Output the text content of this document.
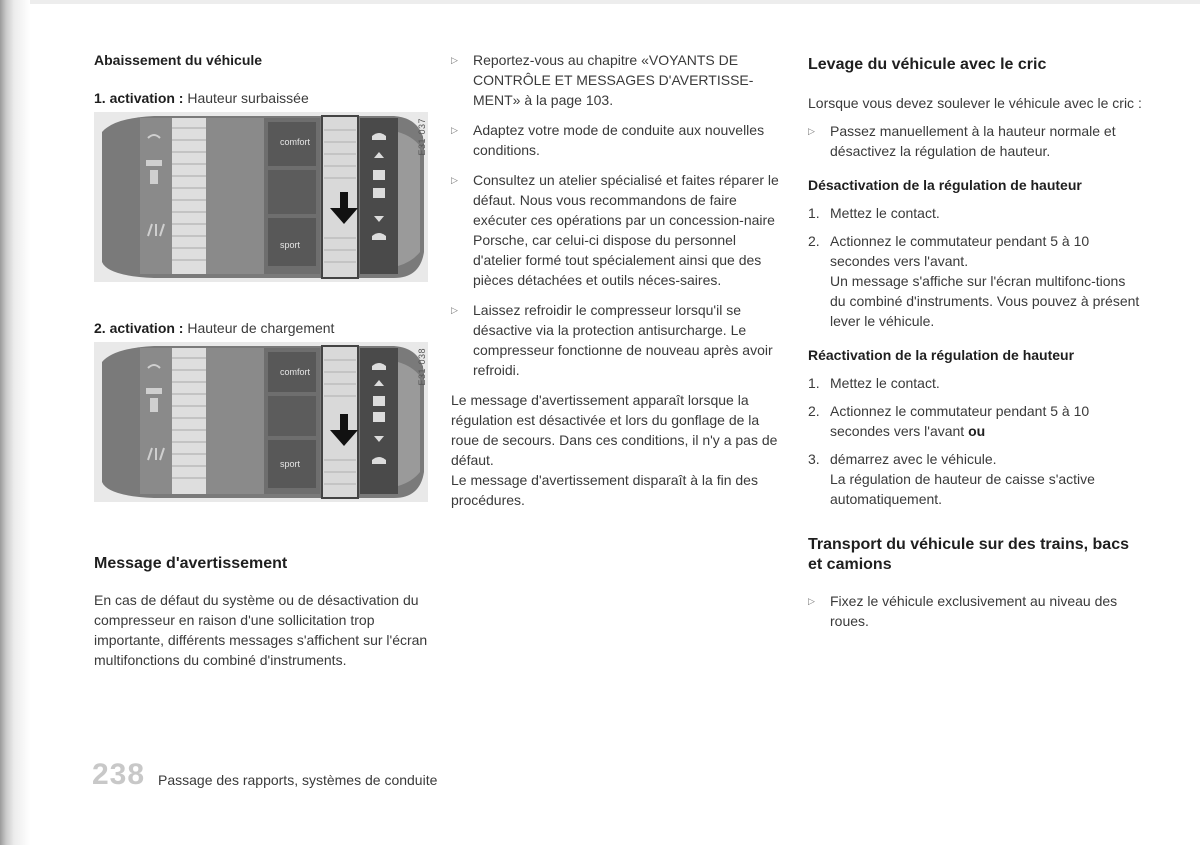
Abaissement du véhicule

1. activation : Hauteur surbaissée

E31-037
comfort
sport

2. activation : Hauteur de chargement

E31-038
comfort
sport

Message d'avertissement

En cas de défaut du système ou de désactivation du compresseur en raison d'une sollicitation trop importante, différents messages s'affichent sur l'écran multifonctions du combiné d'instruments.

▷	Reportez-vous au chapitre «VOYANTS DE CONTRÔLE ET MESSAGES D'AVERTISSE-MENT» à la page 103.
▷	Adaptez votre mode de conduite aux nouvelles conditions.
▷	Consultez un atelier spécialisé et faites réparer le défaut. Nous vous recommandons de faire exécuter ces opérations par un concession-naire Porsche, car celui-ci dispose du personnel d'atelier formé tout spécialement ainsi que des pièces détachées et outils néces-saires.
▷	Laissez refroidir le compresseur lorsqu'il se désactive via la protection antisurcharge. Le compresseur fonctionne de nouveau après avoir refroidi.

Le message d'avertissement apparaît lorsque la régulation est désactivée et lors du gonflage de la roue de secours. Dans ces conditions, il n'y a pas de défaut.

Le message d'avertissement disparaît à la fin des procédures.

Levage du véhicule avec le cric

Lorsque vous devez soulever le véhicule avec le cric :

▷	Passez manuellement à la hauteur normale et désactivez la régulation de hauteur.

Désactivation de la régulation de hauteur

1. Mettez le contact.
2. Actionnez le commutateur pendant 5 à 10 secondes vers l'avant.
Un message s'affiche sur l'écran multifonc-tions du combiné d'instruments. Vous pouvez à présent lever le véhicule.

Réactivation de la régulation de hauteur

1. Mettez le contact.
2. Actionnez le commutateur pendant 5 à 10 secondes vers l'avant ou
3. démarrez avec le véhicule.
La régulation de hauteur de caisse s'active automatiquement.

Transport du véhicule sur des trains, bacs et camions

▷	Fixez le véhicule exclusivement au niveau des roues.
238 Passage des rapports, systèmes de conduite
